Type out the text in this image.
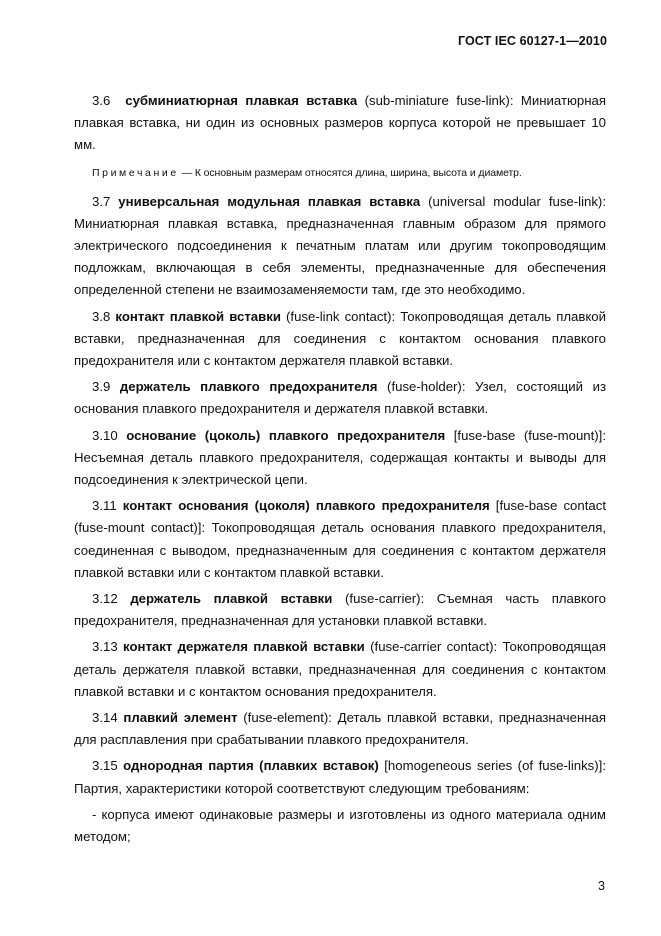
ГОСТ IEC 60127-1—2010

3.6 субминиатюрная плавкая вставка (sub-miniature fuse-link): Миниатюрная плавкая вставка, ни один из основных размеров корпуса которой не превышает 10 мм.

Примечание — К основным размерам относятся длина, ширина, высота и диаметр.

3.7 универсальная модульная плавкая вставка (universal modular fuse-link): Миниатюрная плавкая вставка, предназначенная главным образом для прямого электрического подсоединения к печатным платам или другим токопроводящим подложкам, включающая в себя элементы, предназначенные для обеспечения определенной степени не взаимозаменяемости там, где это необходимо.

3.8 контакт плавкой вставки (fuse-link contact): Токопроводящая деталь плавкой вставки, предназначенная для соединения с контактом основания плавкого предохранителя или с контактом держателя плавкой вставки.

3.9 держатель плавкого предохранителя (fuse-holder): Узел, состоящий из основания плавкого предохранителя и держателя плавкой вставки.

3.10 основание (цоколь) плавкого предохранителя [fuse-base (fuse-mount)]: Несъемная деталь плавкого предохранителя, содержащая контакты и выводы для подсоединения к электрической цепи.

3.11 контакт основания (цоколя) плавкого предохранителя [fuse-base contact (fuse-mount contact)]: Токопроводящая деталь основания плавкого предохранителя, соединенная с выводом, предназначенным для соединения с контактом держателя плавкой вставки или с контактом плавкой вставки.

3.12 держатель плавкой вставки (fuse-carrier): Съемная часть плавкого предохранителя, предназначенная для установки плавкой вставки.

3.13 контакт держателя плавкой вставки (fuse-carrier contact): Токопроводящая деталь держателя плавкой вставки, предназначенная для соединения с контактом плавкой вставки и с контактом основания предохранителя.

3.14 плавкий элемент (fuse-element): Деталь плавкой вставки, предназначенная для расплавления при срабатывании плавкого предохранителя.

3.15 однородная партия (плавких вставок) [homogeneous series (of fuse-links)]: Партия, характеристики которой соответствуют следующим требованиям:

- корпуса имеют одинаковые размеры и изготовлены из одного материала одним методом;

3
